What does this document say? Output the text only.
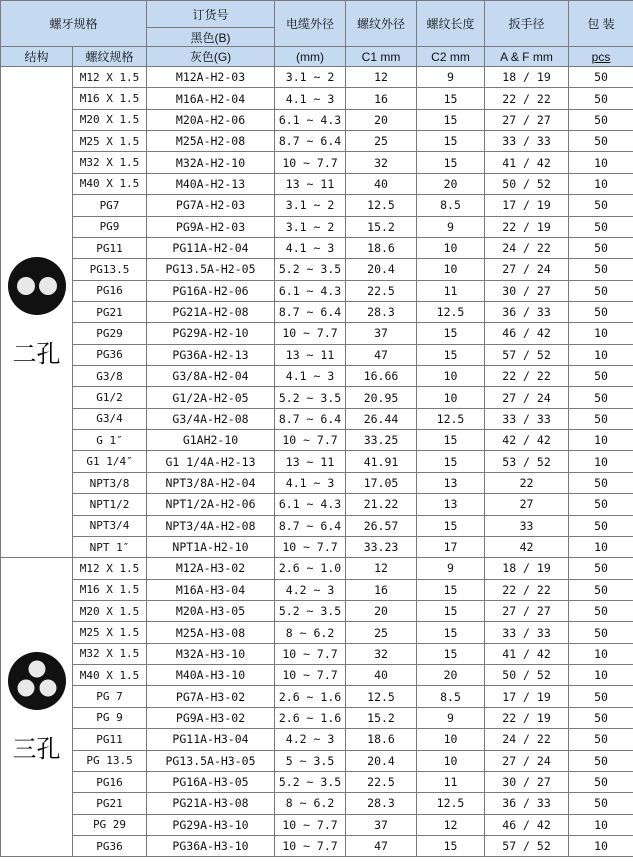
螺牙规格		订货号	电缆外径	螺纹外径	螺纹长度	扳手径	包 装
		黑色(B)					
结构	螺纹规格	灰色(G)	(mm)	C1 mm	C2 mm	A & F mm	pcs

二孔	M12 X 1.5	M12A-H2-03	3.1 ~ 2	12	9	18 / 19	50
	M16 X 1.5	M16A-H2-04	4.1 ~ 3	16	15	22 / 22	50
	M20 X 1.5	M20A-H2-06	6.1 ~ 4.3	20	15	27 / 27	50
	M25 X 1.5	M25A-H2-08	8.7 ~ 6.4	25	15	33 / 33	50
	M32 X 1.5	M32A-H2-10	10 ~ 7.7	32	15	41 / 42	10
	M40 X 1.5	M40A-H2-13	13 ~ 11	40	20	50 / 52	10
	PG7	PG7A-H2-03	3.1 ~ 2	12.5	8.5	17 / 19	50
	PG9	PG9A-H2-03	3.1 ~ 2	15.2	9	22 / 19	50
	PG11	PG11A-H2-04	4.1 ~ 3	18.6	10	24 / 22	50
	PG13.5	PG13.5A-H2-05	5.2 ~ 3.5	20.4	10	27 / 24	50
	PG16	PG16A-H2-06	6.1 ~ 4.3	22.5	11	30 / 27	50
	PG21	PG21A-H2-08	8.7 ~ 6.4	28.3	12.5	36 / 33	50
	PG29	PG29A-H2-10	10 ~ 7.7	37	15	46 / 42	10
	PG36	PG36A-H2-13	13 ~ 11	47	15	57 / 52	10
	G3/8	G3/8A-H2-04	4.1 ~ 3	16.66	10	22 / 22	50
	G1/2	G1/2A-H2-05	5.2 ~ 3.5	20.95	10	27 / 24	50
	G3/4	G3/4A-H2-08	8.7 ~ 6.4	26.44	12.5	33 / 33	50
	G 1″	G1AH2-10	10 ~ 7.7	33.25	15	42 / 42	10
	G1 1/4″	G1 1/4A-H2-13	13 ~ 11	41.91	15	53 / 52	10
	NPT3/8	NPT3/8A-H2-04	4.1 ~ 3	17.05	13	22	50
	NPT1/2	NPT1/2A-H2-06	6.1 ~ 4.3	21.22	13	27	50
	NPT3/4	NPT3/4A-H2-08	8.7 ~ 6.4	26.57	15	33	50
	NPT 1″	NPT1A-H2-10	10 ~ 7.7	33.23	17	42	10

三孔	M12 X 1.5	M12A-H3-02	2.6 ~ 1.0	12	9	18 / 19	50
	M16 X 1.5	M16A-H3-04	4.2 ~ 3	16	15	22 / 22	50
	M20 X 1.5	M20A-H3-05	5.2 ~ 3.5	20	15	27 / 27	50
	M25 X 1.5	M25A-H3-08	8 ~ 6.2	25	15	33 / 33	50
	M32 X 1.5	M32A-H3-10	10 ~ 7.7	32	15	41 / 42	10
	M40 X 1.5	M40A-H3-10	10 ~ 7.7	40	20	50 / 52	10
	PG 7	PG7A-H3-02	2.6 ~ 1.6	12.5	8.5	17 / 19	50
	PG 9	PG9A-H3-02	2.6 ~ 1.6	15.2	9	22 / 19	50
	PG11	PG11A-H3-04	4.2 ~ 3	18.6	10	24 / 22	50
	PG 13.5	PG13.5A-H3-05	5 ~ 3.5	20.4	10	27 / 24	50
	PG16	PG16A-H3-05	5.2 ~ 3.5	22.5	11	30 / 27	50
	PG21	PG21A-H3-08	8 ~ 6.2	28.3	12.5	36 / 33	50
	PG 29	PG29A-H3-10	10 ~ 7.7	37	12	46 / 42	10
	PG36	PG36A-H3-10	10 ~ 7.7	47	15	57 / 52	10
